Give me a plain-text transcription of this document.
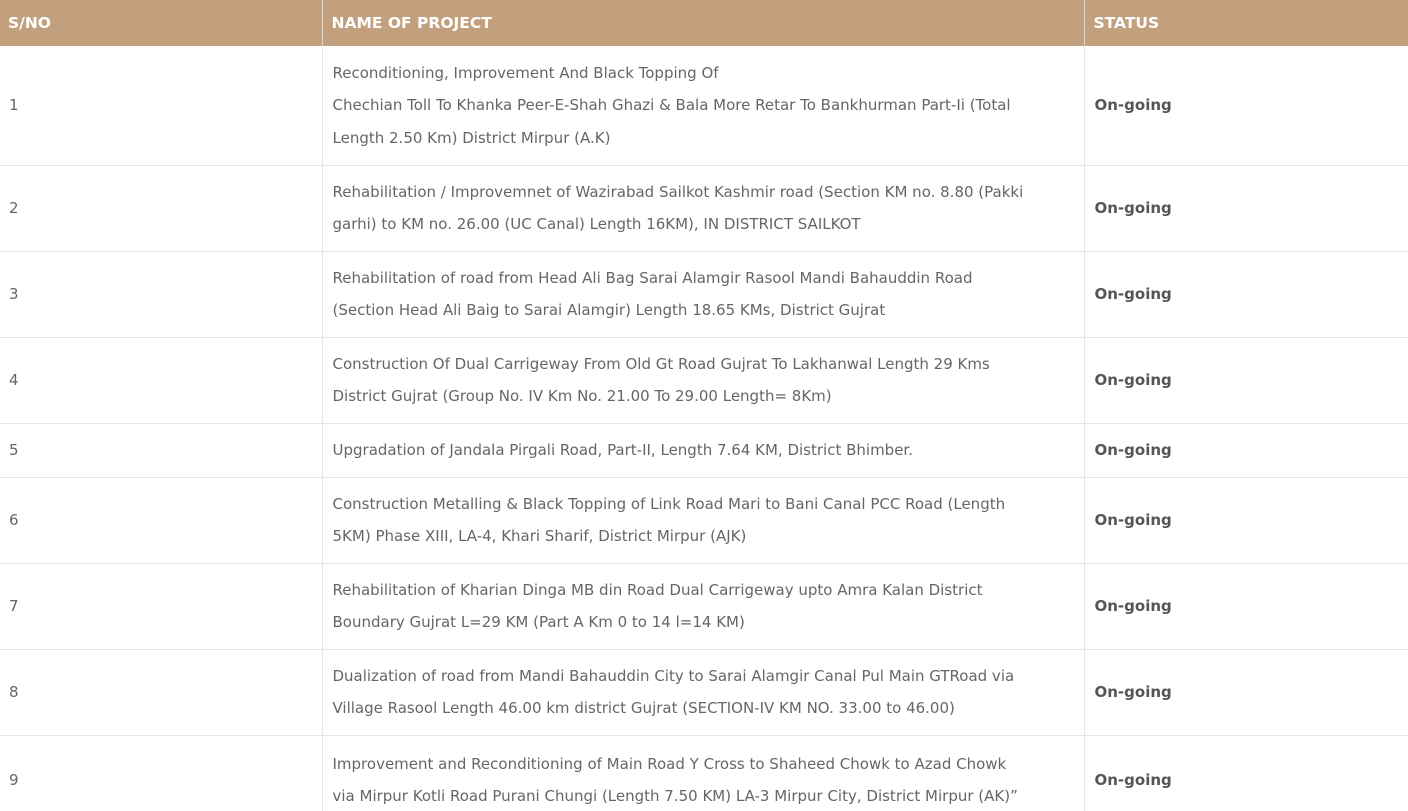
S/NO	NAME OF PROJECT	STATUS
1	Reconditioning, Improvement And Black Topping Of
Chechian Toll To Khanka Peer-E-Shah Ghazi & Bala More Retar To Bankhurman Part-Ii (Total
Length 2.50 Km) District Mirpur (A.K)	On-going
2	Rehabilitation / Improvemnet of Wazirabad Sailkot Kashmir road (Section KM no. 8.80 (Pakki
garhi) to KM no. 26.00 (UC Canal) Length 16KM), IN DISTRICT SAILKOT	On-going
3	Rehabilitation of road from Head Ali Bag Sarai Alamgir Rasool Mandi Bahauddin Road
(Section Head Ali Baig to Sarai Alamgir) Length 18.65 KMs, District Gujrat	On-going
4	Construction Of Dual Carrigeway From Old Gt Road Gujrat To Lakhanwal Length 29 Kms
District Gujrat (Group No. IV Km No. 21.00 To 29.00 Length= 8Km)	On-going
5	Upgradation of Jandala Pirgali Road, Part-II, Length 7.64 KM, District Bhimber.	On-going
6	Construction Metalling & Black Topping of Link Road Mari to Bani Canal PCC Road (Length
5KM) Phase XIII, LA-4, Khari Sharif, District Mirpur (AJK)	On-going
7	Rehabilitation of Kharian Dinga MB din Road Dual Carrigeway upto Amra Kalan District
Boundary Gujrat L=29 KM (Part A Km 0 to 14 l=14 KM)	On-going
8	Dualization of road from Mandi Bahauddin City to Sarai Alamgir Canal Pul Main GTRoad via
Village Rasool Length 46.00 km district Gujrat (SECTION-IV KM NO. 33.00 to 46.00)	On-going
9	Improvement and Reconditioning of Main Road Y Cross to Shaheed Chowk to Azad Chowk
via Mirpur Kotli Road Purani Chungi (Length 7.50 KM) LA-3 Mirpur City, District Mirpur (AK)”	On-going
